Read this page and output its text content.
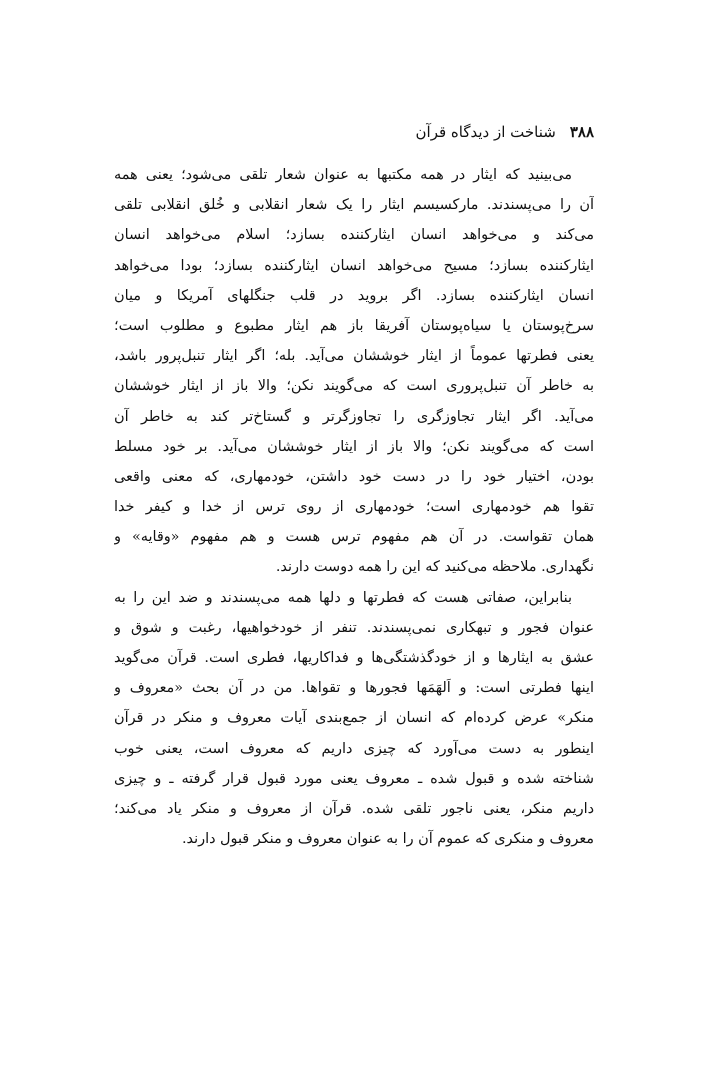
۳۸۸
شناخت از دیدگاه قرآن
می‌بینید که ایثار در همه مکتبها به عنوان شعار تلقی می‌شود؛ یعنی همه
آن را می‌پسندند. مارکسیسم ایثار را یک شعار انقلابی و خُلق انقلابی تلقی
می‌کند و می‌خواهد انسان ایثارکننده بسازد؛ اسلام می‌خواهد انسان
ایثارکننده بسازد؛ مسیح می‌خواهد انسان ایثارکننده بسازد؛ بودا می‌خواهد
انسان ایثارکننده بسازد. اگر بروید در قلب جنگلهای آمریکا و میان
سرخ‌پوستان یا سیاه‌پوستان آفریقا باز هم ایثار مطبوع و مطلوب است؛
یعنی فطرتها عموماً از ایثار خوششان می‌آید. بله؛ اگر ایثار تنبل‌پرور باشد،
به خاطر آن تنبل‌پروری است که می‌گویند نکن؛ والا باز از ایثار خوششان
می‌آید. اگر ایثار تجاوزگری را تجاوزگرتر و گستاخ‌تر کند به خاطر آن
است که می‌گویند نکن؛ والا باز از ایثار خوششان می‌آید. بر خود مسلط
بودن، اختیار خود را در دست خود داشتن، خودمهاری، که معنی واقعی
تقوا هم خودمهاری است؛ خودمهاری از روی ترس از خدا و کیفر خدا
همان تقواست. در آن هم مفهوم ترس هست و هم مفهوم «وقایه» و
نگهداری. ملاحظه می‌کنید که این را همه دوست دارند.
بنابراین، صفاتی هست که فطرتها و دلها همه می‌پسندند و ضد این را به
عنوان فجور و تبهکاری نمی‌پسندند. تنفر از خودخواهیها، رغبت و شوق و
عشق به ایثارها و از خودگذشتگی‌ها و فداکاریها، فطری است. قرآن می‌گوید
اینها فطرتی است: و اَلهَمَها فجورها و تقواها. من در آن بحث «معروف و
منکر» عرض کرده‌ام که انسان از جمع‌بندی آیات معروف و منکر در قرآن
اینطور به دست می‌آورد که چیزی داریم که معروف است، یعنی خوب
شناخته شده و قبول شده ـ معروف یعنی مورد قبول قرار گرفته ـ و چیزی
داریم منکر، یعنی ناجور تلقی شده. قرآن از معروف و منکر یاد می‌کند؛
معروف و منکری که عموم آن را به عنوان معروف و منکر قبول دارند.
